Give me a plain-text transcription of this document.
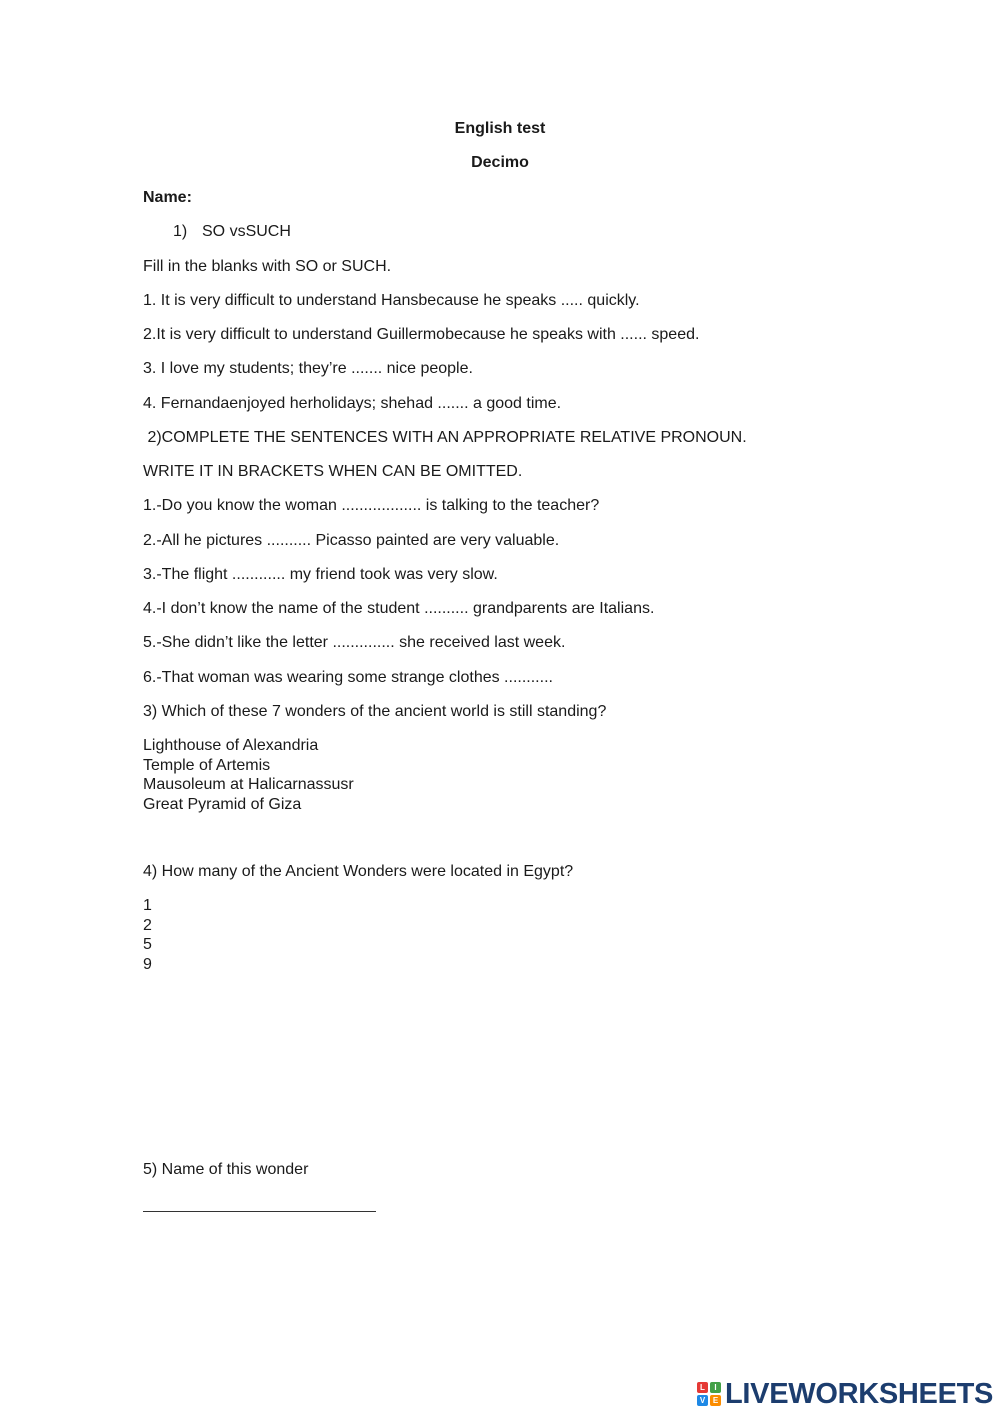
English test
Decimo
Name:
1) SO vsSUCH
Fill in the blanks with SO or SUCH.
1. It is very difficult to understand Hansbecause he speaks ..... quickly.
2.It is very difficult to understand Guillermobecause he speaks with ...... speed.
3. I love my students; they’re ....... nice people.
4. Fernandaenjoyed herholidays; shehad ....... a good time.
2)COMPLETE THE SENTENCES WITH AN APPROPRIATE RELATIVE PRONOUN.
WRITE IT IN BRACKETS WHEN CAN BE OMITTED.
1.-Do you know the woman .................. is talking to the teacher?
2.-All he pictures .......... Picasso painted are very valuable.
3.-The flight ............ my friend took was very slow.
4.-I don’t know the name of the student .......... grandparents are Italians.
5.-She didn’t like the letter .............. she received last week.
6.-That woman was wearing some strange clothes ...........
3) Which of these 7 wonders of the ancient world is still standing?
Lighthouse of Alexandria
Temple of Artemis
Mausoleum at Halicarnassusr
Great Pyramid of Giza
4) How many of the Ancient Wonders were located in Egypt?
1
2
5
9
5) Name of this wonder
L	I
V E LIVEWORKSHEETS
